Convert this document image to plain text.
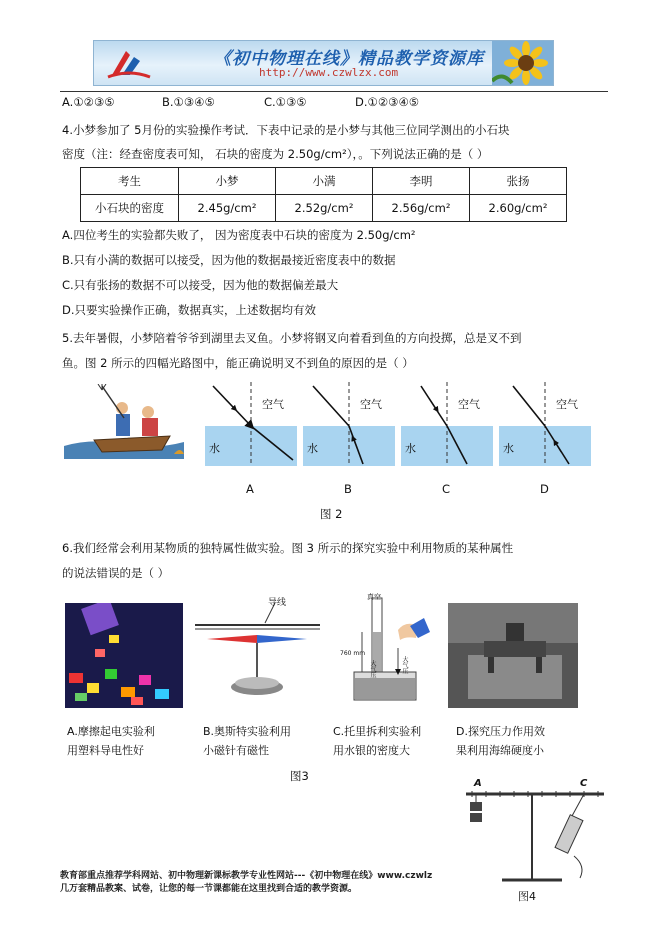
《初中物理在线》精品教学资源库
http://www.czwlzx.com
A.①②③⑤	B.①③④⑤	C.①③⑤	D.①②③④⑤
4.小梦参加了 5月份的实验操作考试．下表中记录的是小梦与其他三位同学测出的小石块
密度（注：经查密度表可知， 石块的密度为 2.50g/cm²），。下列说法正确的是（ ）
考生	小梦	小满	李明	张扬
小石块的密度	2.45g/cm²	2.52g/cm²	2.56g/cm²	2.60g/cm²
A.四位考生的实验都失败了， 因为密度表中石块的密度为 2.50g/cm²
B.只有小满的数据可以接受，因为他的数据最接近密度表中的数据
C.只有张扬的数据不可以接受，因为他的数据偏差最大
D.只要实验操作正确，数据真实，上述数据均有效
5.去年暑假，小梦陪着爷爷到湖里去叉鱼。小梦将钢叉向着看到鱼的方向投掷，总是叉不到
鱼。图 2 所示的四幅光路图中，能正确说明叉不到鱼的原因的是（ ）
空气	空气	空气	空气
水	水	水	水
A	B	C	D
图 2
6.我们经常会利用某物质的独特属性做实验。图 3 所示的探究实验中利用物质的某种属性
的说法错误的是（ ）
导线
真空
760 mm
大气压	大气压
A.摩擦起电实验利
用塑料导电性好
B.奥斯特实验利用
小磁针有磁性
C.托里拆利实验利
用水银的密度大
D.探究压力作用效
果利用海绵硬度小
图3
A	C
图4
教育部重点推荐学科网站、初中物理新课标教学专业性网站---《初中物理在线》www.czwlz
几万套精品教案、试卷，让您的每一节课都能在这里找到合适的教学资源。
